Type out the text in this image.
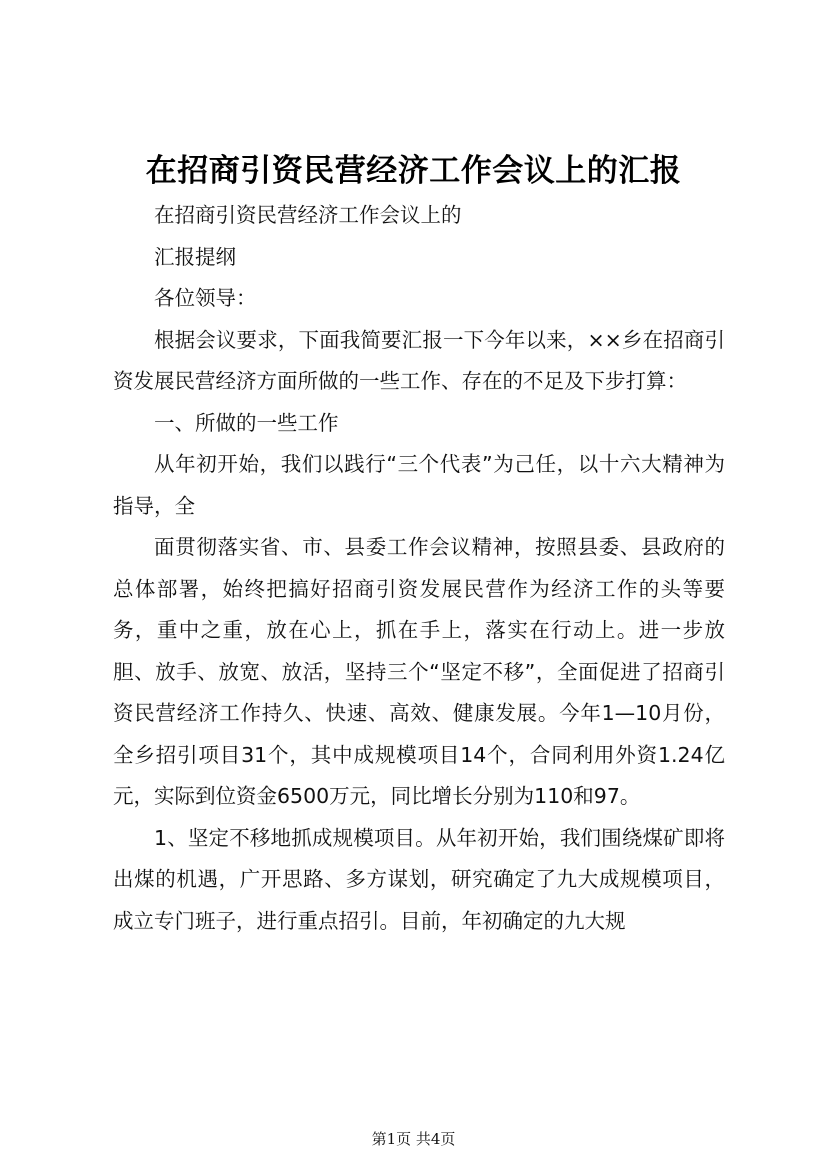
在招商引资民营经济工作会议上的汇报

在招商引资民营经济工作会议上的

汇报提纲

各位领导：

根据会议要求，下面我简要汇报一下今年以来，××乡在招商引资发展民营经济方面所做的一些工作、存在的不足及下步打算：

一、所做的一些工作

从年初开始，我们以践行“三个代表”为己任，以十六大精神为指导，全

面贯彻落实省、市、县委工作会议精神，按照县委、县政府的总体部署，始终把搞好招商引资发展民营作为经济工作的头等要务，重中之重，放在心上，抓在手上，落实在行动上。进一步放胆、放手、放宽、放活，坚持三个“坚定不移”，全面促进了招商引资民营经济工作持久、快速、高效、健康发展。今年1—10月份，全乡招引项目31个，其中成规模项目14个，合同利用外资1.24亿元，实际到位资金6500万元，同比增长分别为110和97。

1、坚定不移地抓成规模项目。从年初开始，我们围绕煤矿即将出煤的机遇，广开思路、多方谋划，研究确定了九大成规模项目，成立专门班子，进行重点招引。目前，年初确定的九大规

第1页 共4页
